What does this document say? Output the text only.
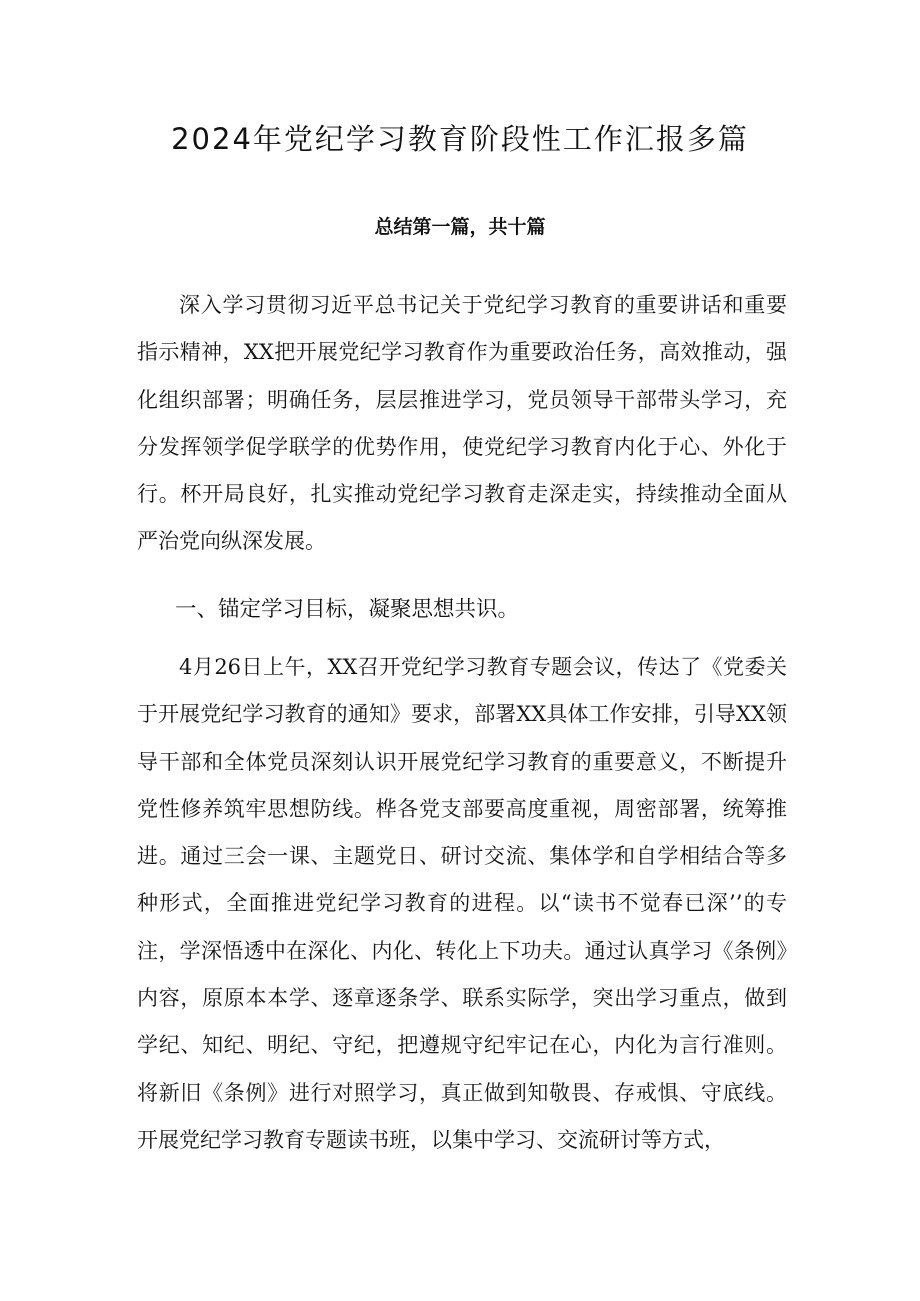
2024年党纪学习教育阶段性工作汇报多篇
总结第一篇，共十篇

深入学习贯彻习近平总书记关于党纪学习教育的重要讲话和重要指示精神，XX把开展党纪学习教育作为重要政治任务，高效推动，强化组织部署；明确任务，层层推进学习，党员领导干部带头学习，充分发挥领学促学联学的优势作用，使党纪学习教育内化于心、外化于行。杯开局良好，扎实推动党纪学习教育走深走实，持续推动全面从严治党向纵深发展。

一、锚定学习目标，凝聚思想共识。

4月26日上午，XX召开党纪学习教育专题会议，传达了《党委关于开展党纪学习教育的通知》要求，部署XX具体工作安排，引导XX领导干部和全体党员深刻认识开展党纪学习教育的重要意义，不断提升党性修养筑牢思想防线。桦各党支部要高度重视，周密部署，统筹推进。通过三会一课、主题党日、研讨交流、集体学和自学相结合等多种形式，全面推进党纪学习教育的进程。以“读书不觉春已深’’的专注，学深悟透中在深化、内化、转化上下功夫。通过认真学习《条例》内容，原原本本学、逐章逐条学、联系实际学，突出学习重点，做到学纪、知纪、明纪、守纪，把遵规守纪牢记在心，内化为言行准则。将新旧《条例》进行对照学习，真正做到知敬畏、存戒惧、守底线。开展党纪学习教育专题读书班，以集中学习、交流研讨等方式，
